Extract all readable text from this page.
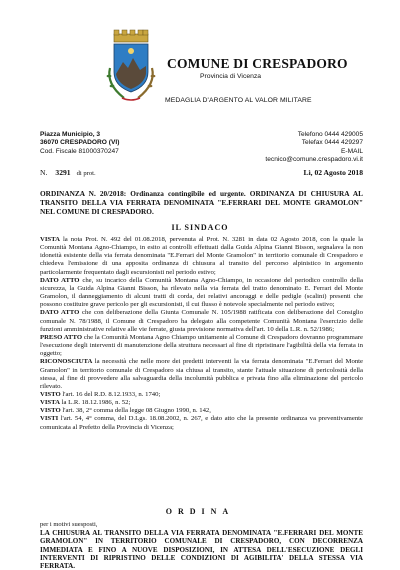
COMUNE DI CRESPADORO
Provincia di Vicenza
MEDAGLIA D'ARGENTO AL VALOR MILITARE
Piazza Municipio, 3
36070 CRESPADORO (VI)
Cod. Fiscale 81000370247
Telefono 0444 429005
Telefax 0444 429297
E-MAIL tecnico@comune.crespadoro.vi.it
N. 3291 di prot.	Lì, 02 Agosto 2018
ORDINANZA N. 20/2018: Ordinanza contingibile ed urgente. ORDINANZA DI CHIUSURA AL TRANSITO DELLA VIA FERRATA DENOMINATA "E.FERRARI DEL MONTE GRAMOLON" NEL COMUNE DI CRESPADORO.
IL SINDACO

VISTA la nota Prot. N. 492 del 01.08.2018, pervenuta al Prot. N. 3281 in data 02 Agosto 2018, con la quale la Comunità Montana Agno-Chiampo, in esito ai controlli effettuati dalla Guida Alpina Gianni Bisson, segnalava la non idoneità esistente della via ferrata denominata "E.Ferrari del Monte Gramolon" in territorio comunale di Crespadoro e chiedeva l'emissione di una apposita ordinanza di chiusura al transito del percorso alpinistico in argomento particolarmente frequentato dagli escursionisti nel periodo estivo;

DATO ATTO che, su incarico della Comunità Montana Agno-Chiampo, in occasione del periodico controllo della sicurezza, la Guida Alpina Gianni Bisson, ha rilevato nella via ferrata del tratto denominato E. Ferrari del Monte Gramolon, il danneggiamento di alcuni tratti di corda, dei relativi ancoraggi e delle pedigle (scalini) presenti che possono costituire grave pericolo per gli escursionisti, il cui flusso è notevole specialmente nel periodo estivo;

DATO ATTO che con deliberazione della Giunta Comunale N. 105/1988 ratificata con deliberazione del Consiglio comunale N. 78/1988, il Comune di Crespadoro ha delegato alla competente Comunità Montana l'esercizio delle funzioni amministrative relative alle vie ferrate, giusta previsione normativa dell'art. 10 della L.R. n. 52/1986;

PRESO ATTO che la Comunità Montana Agno Chiampo unitamente al Comune di Crespadoro dovranno programmare l'esecuzione degli interventi di manutenzione della struttura necessari al fine di ripristinare l'agibilità della via ferrata in oggetto;

RICONOSCIUTA la necessità che nelle more dei predetti interventi la via ferrata denominata "E.Ferrari del Monte Gramolon" in territorio comunale di Crespadoro sia chiusa al transito, stante l'attuale situazione di pericolosità della stessa, al fine di provvedere alla salvaguardia della incolumità pubblica e privata fino alla eliminazione del pericolo rilevato.

VISTO l'art. 16 del R.D. 8.12.1933, n. 1740;

VISTA la L.R. 18.12.1986, n. 52;

VISTO l'art. 38, 2° comma della legge 08 Giugno 1990, n. 142,

VISTI l'art. 54, 4° comma, del D.Lgs. 18.08.2002, n. 267, e dato atto che la presente ordinanza va preventivamente comunicata al Prefetto della Provincia di Vicenza;

ORDINA
per i motivi suesposti,
LA CHIUSURA AL TRANSITO DELLA VIA FERRATA DENOMINATA "E.FERRARI DEL MONTE GRAMOLON" IN TERRITORIO COMUNALE DI CRESPADORO, CON DECORRENZA IMMEDIATA E FINO A NUOVE DISPOSIZIONI, IN ATTESA DELL'ESECUZIONE DEGLI INTERVENTI DI RIPRISTINO DELLE CONDIZIONI DI AGIBILITA' DELLA STESSA VIA FERRATA.
